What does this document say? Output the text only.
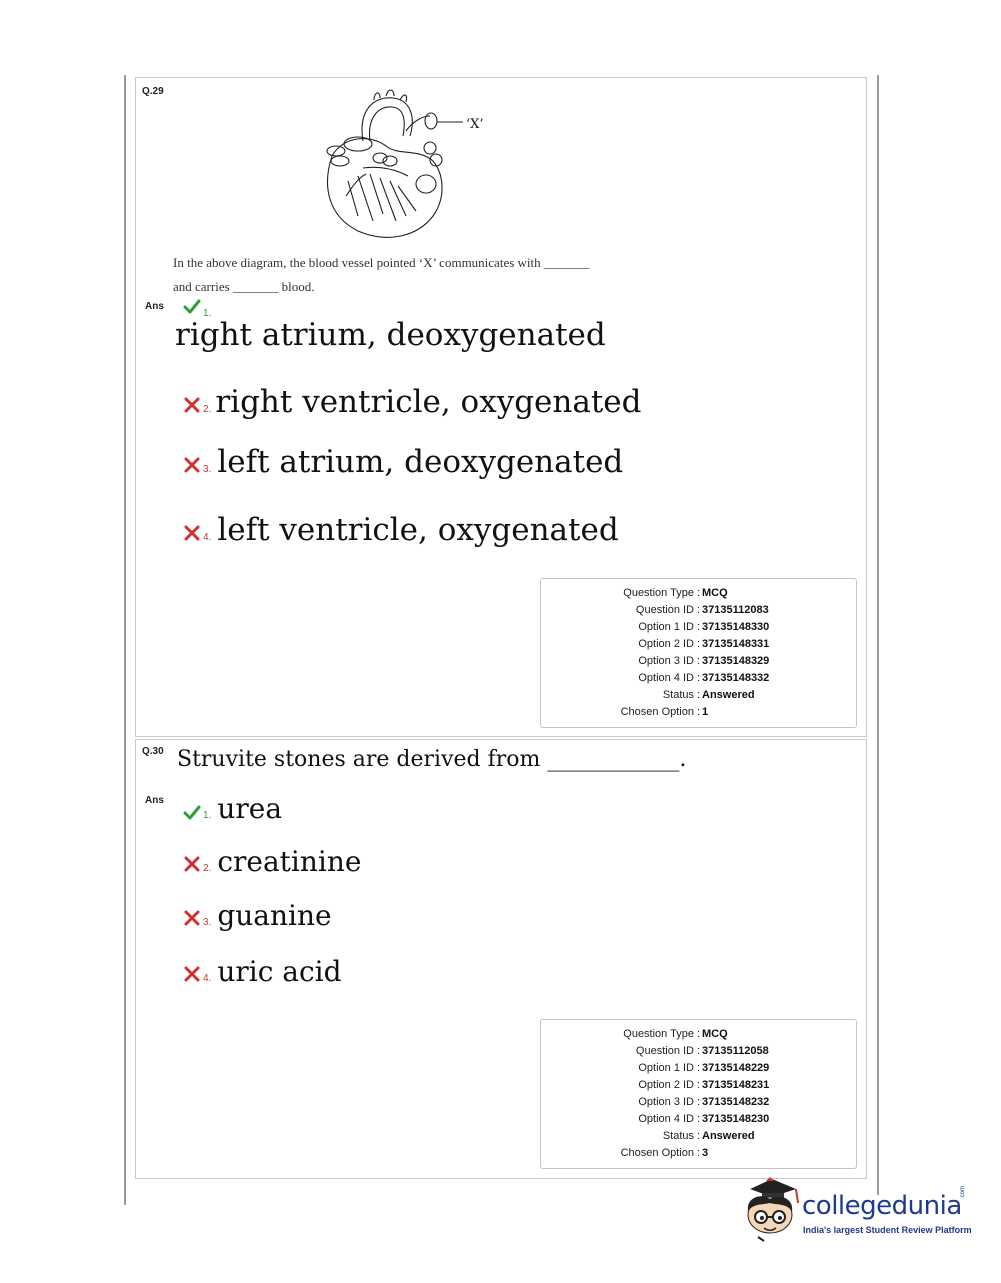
Q.29
‘X’
In the above diagram, the blood vessel pointed ‘X’ communicates with _______
and carries _______ blood.
Ans
1.
right atrium, deoxygenated
2. right ventricle, oxygenated
3. left atrium, deoxygenated
4. left ventricle, oxygenated
Question Type : MCQ
Question ID : 37135112083
Option 1 ID : 37135148330
Option 2 ID : 37135148331
Option 3 ID : 37135148329
Option 4 ID : 37135148332
Status : Answered
Chosen Option : 1
Q.30 Struvite stones are derived from ____________.
Ans
1. urea
2. creatinine
3. guanine
4. uric acid
Question Type : MCQ
Question ID : 37135112058
Option 1 ID : 37135148229
Option 2 ID : 37135148231
Option 3 ID : 37135148232
Option 4 ID : 37135148230
Status : Answered
Chosen Option : 3
collegedunia
.com
India's largest Student Review Platform
